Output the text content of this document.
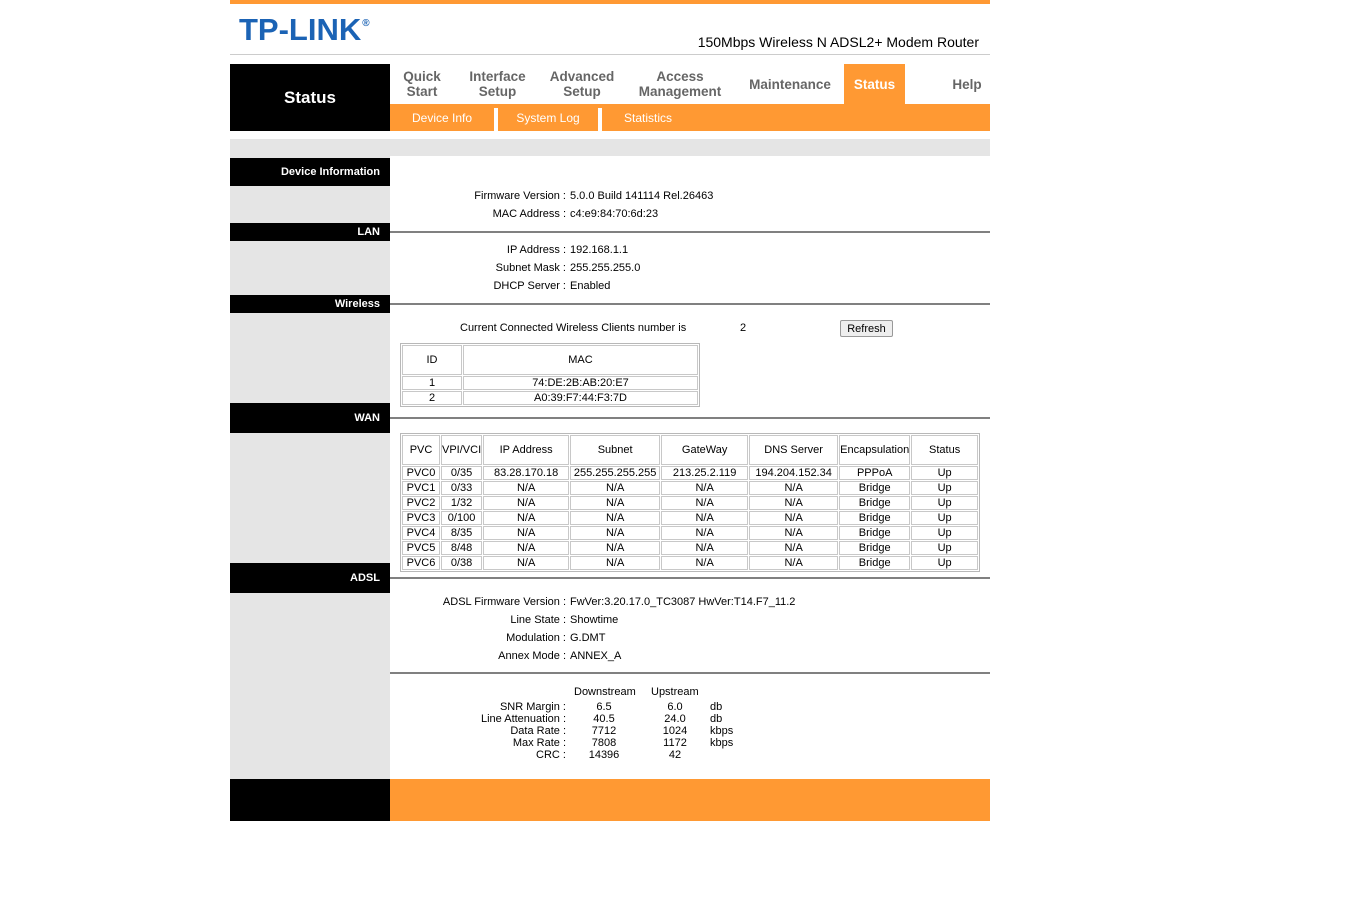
TP-LINK®
150Mbps Wireless N ADSL2+ Modem Router
Status
Quick
Start
Interface
Setup
Advanced
Setup
Access
Management	Maintenance	Status	Help
Device Info	System Log	Statistics
Device Information
LAN
Wireless
WAN
ADSL
Firmware Version : 5.0.0 Build 141114 Rel.26463
MAC Address : c4:e9:84:70:6d:23
IP Address : 192.168.1.1
Subnet Mask : 255.255.255.0
DHCP Server : Enabled
Current Connected Wireless Clients number is	2	Refresh
ID	MAC
1	74:DE:2B:AB:20:E7
2	A0:39:F7:44:F3:7D
PVC	VPI/VCI	IP Address	Subnet	GateWay	DNS Server	Encapsulation	Status
PVC0	0/35	83.28.170.18	255.255.255.255	213.25.2.119	194.204.152.34	PPPoA	Up
PVC1	0/33	N/A	N/A	N/A	N/A	Bridge	Up
PVC2	1/32	N/A	N/A	N/A	N/A	Bridge	Up
PVC3	0/100	N/A	N/A	N/A	N/A	Bridge	Up
PVC4	8/35	N/A	N/A	N/A	N/A	Bridge	Up
PVC5	8/48	N/A	N/A	N/A	N/A	Bridge	Up
PVC6	0/38	N/A	N/A	N/A	N/A	Bridge	Up
ADSL Firmware Version : FwVer:3.20.17.0_TC3087 HwVer:T14.F7_11.2
Line State : Showtime
Modulation : G.DMT
Annex Mode : ANNEX_A
Downstream Upstream
SNR Margin :	6.5	6.0	db
Line Attenuation :	40.5	24.0	db
Data Rate :	7712	1024	kbps
Max Rate :	7808	1172	kbps
CRC :	14396	42
